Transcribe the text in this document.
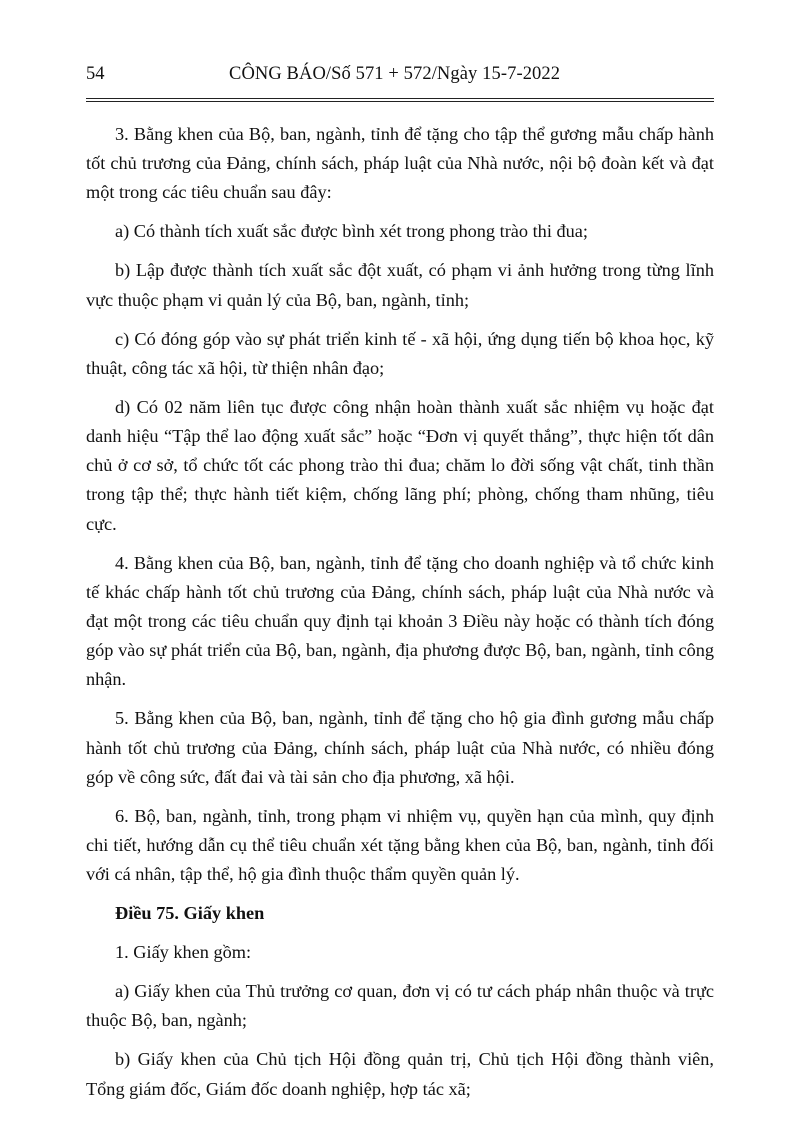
54	CÔNG BÁO/Số 571 + 572/Ngày 15-7-2022

3. Bằng khen của Bộ, ban, ngành, tỉnh để tặng cho tập thể gương mẫu chấp hành tốt chủ trương của Đảng, chính sách, pháp luật của Nhà nước, nội bộ đoàn kết và đạt một trong các tiêu chuẩn sau đây:

a) Có thành tích xuất sắc được bình xét trong phong trào thi đua;

b) Lập được thành tích xuất sắc đột xuất, có phạm vi ảnh hưởng trong từng lĩnh vực thuộc phạm vi quản lý của Bộ, ban, ngành, tỉnh;

c) Có đóng góp vào sự phát triển kinh tế - xã hội, ứng dụng tiến bộ khoa học, kỹ thuật, công tác xã hội, từ thiện nhân đạo;

d) Có 02 năm liên tục được công nhận hoàn thành xuất sắc nhiệm vụ hoặc đạt danh hiệu “Tập thể lao động xuất sắc” hoặc “Đơn vị quyết thắng”, thực hiện tốt dân chủ ở cơ sở, tổ chức tốt các phong trào thi đua; chăm lo đời sống vật chất, tinh thần trong tập thể; thực hành tiết kiệm, chống lãng phí; phòng, chống tham nhũng, tiêu cực.

4. Bằng khen của Bộ, ban, ngành, tỉnh để tặng cho doanh nghiệp và tổ chức kinh tế khác chấp hành tốt chủ trương của Đảng, chính sách, pháp luật của Nhà nước và đạt một trong các tiêu chuẩn quy định tại khoản 3 Điều này hoặc có thành tích đóng góp vào sự phát triển của Bộ, ban, ngành, địa phương được Bộ, ban, ngành, tỉnh công nhận.

5. Bằng khen của Bộ, ban, ngành, tỉnh để tặng cho hộ gia đình gương mẫu chấp hành tốt chủ trương của Đảng, chính sách, pháp luật của Nhà nước, có nhiều đóng góp về công sức, đất đai và tài sản cho địa phương, xã hội.

6. Bộ, ban, ngành, tỉnh, trong phạm vi nhiệm vụ, quyền hạn của mình, quy định chi tiết, hướng dẫn cụ thể tiêu chuẩn xét tặng bằng khen của Bộ, ban, ngành, tỉnh đối với cá nhân, tập thể, hộ gia đình thuộc thẩm quyền quản lý.

Điều 75. Giấy khen

1. Giấy khen gồm:

a) Giấy khen của Thủ trưởng cơ quan, đơn vị có tư cách pháp nhân thuộc và trực thuộc Bộ, ban, ngành;

b) Giấy khen của Chủ tịch Hội đồng quản trị, Chủ tịch Hội đồng thành viên, Tổng giám đốc, Giám đốc doanh nghiệp, hợp tác xã;
